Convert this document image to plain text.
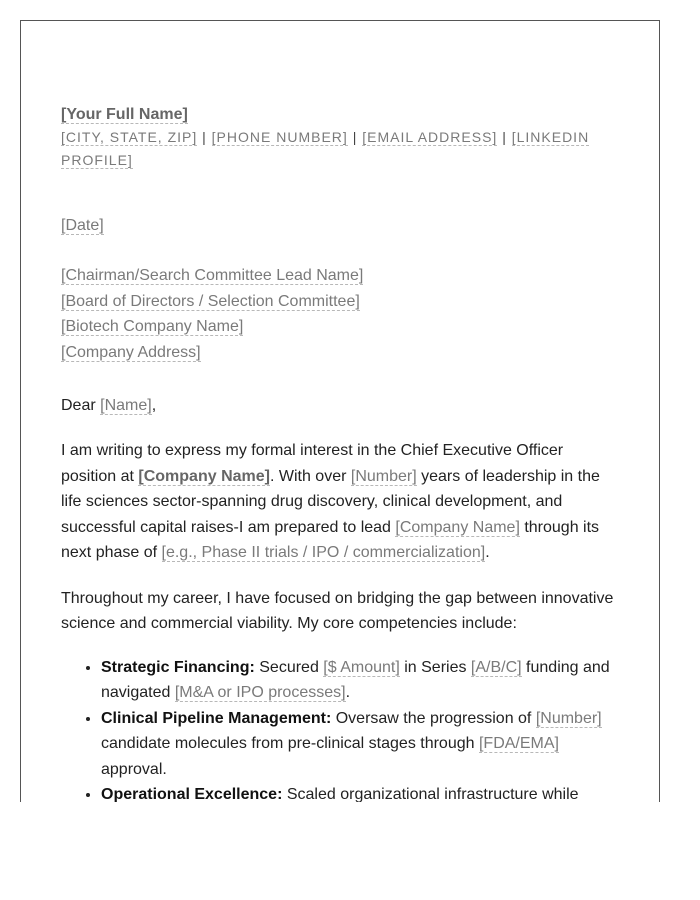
[Your Full Name]
[CITY, STATE, ZIP] | [PHONE NUMBER] | [EMAIL ADDRESS] | [LINKEDIN PROFILE]
[Date]
[Chairman/Search Committee Lead Name]
[Board of Directors / Selection Committee]
[Biotech Company Name]
[Company Address]
Dear [Name],

I am writing to express my formal interest in the Chief Executive Officer position at [Company Name]. With over [Number] years of leadership in the life sciences sector-spanning drug discovery, clinical development, and successful capital raises-I am prepared to lead [Company Name] through its next phase of [e.g., Phase II trials / IPO / commercialization].

Throughout my career, I have focused on bridging the gap between innovative science and commercial viability. My core competencies include:

• Strategic Financing: Secured [$ Amount] in Series [A/B/C] funding and navigated [M&A or IPO processes].
• Clinical Pipeline Management: Oversaw the progression of [Number] candidate molecules from pre-clinical stages through [FDA/EMA] approval.
• Operational Excellence: Scaled organizational infrastructure while
